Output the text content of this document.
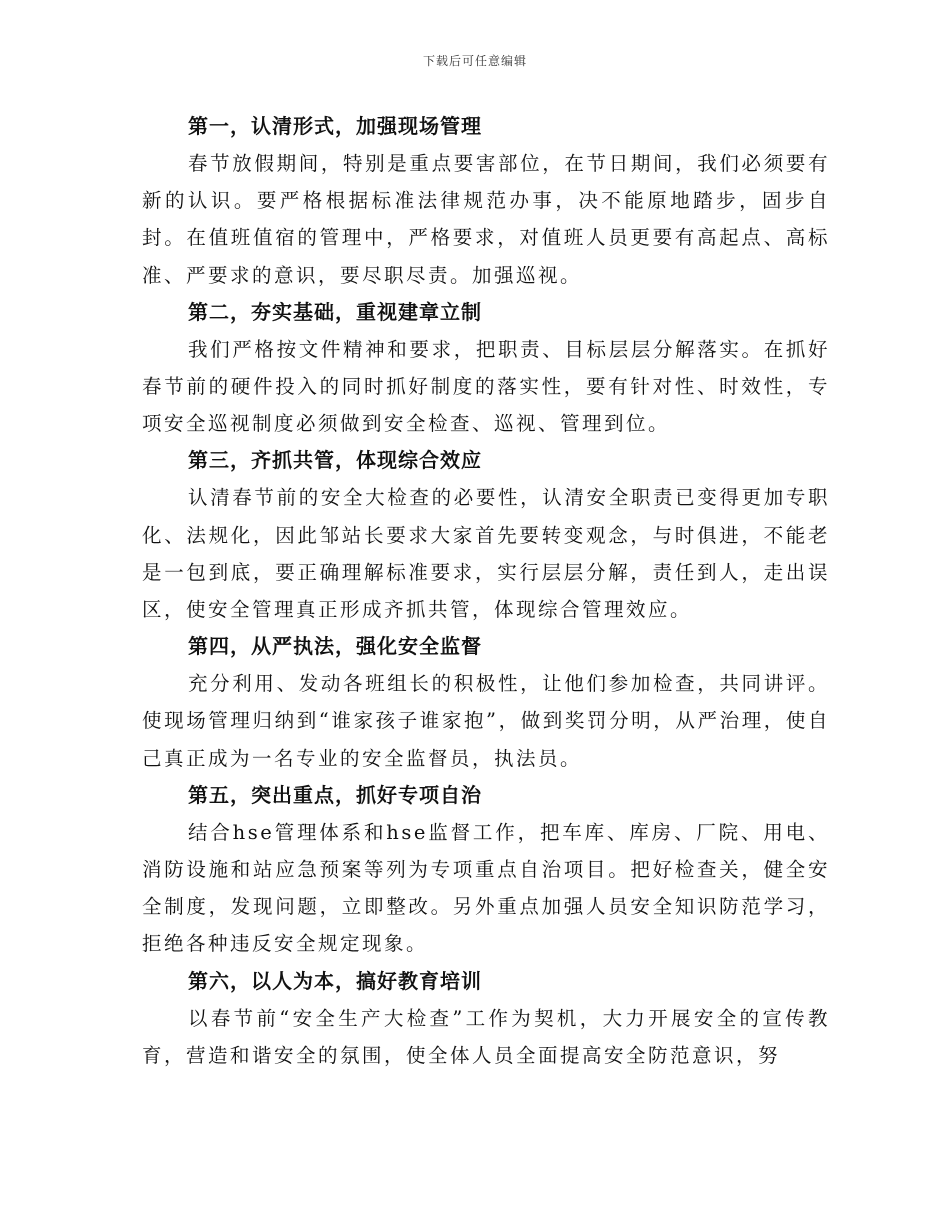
下载后可任意编辑

第一，认清形式，加强现场管理

春节放假期间，特别是重点要害部位，在节日期间，我们必须要有新的认识。要严格根据标准法律规范办事，决不能原地踏步，固步自封。在值班值宿的管理中，严格要求，对值班人员更要有高起点、高标准、严要求的意识，要尽职尽责。加强巡视。

第二，夯实基础，重视建章立制

我们严格按文件精神和要求，把职责、目标层层分解落实。在抓好春节前的硬件投入的同时抓好制度的落实性，要有针对性、时效性，专项安全巡视制度必须做到安全检查、巡视、管理到位。

第三，齐抓共管，体现综合效应

认清春节前的安全大检查的必要性，认清安全职责已变得更加专职化、法规化，因此邹站长要求大家首先要转变观念，与时俱进，不能老是一包到底，要正确理解标准要求，实行层层分解，责任到人，走出误区，使安全管理真正形成齐抓共管，体现综合管理效应。

第四，从严执法，强化安全监督

充分利用、发动各班组长的积极性，让他们参加检查，共同讲评。使现场管理归纳到“谁家孩子谁家抱”，做到奖罚分明，从严治理，使自己真正成为一名专业的安全监督员，执法员。

第五，突出重点，抓好专项自治

结合hse管理体系和hse监督工作，把车库、库房、厂院、用电、消防设施和站应急预案等列为专项重点自治项目。把好检查关，健全安全制度，发现问题，立即整改。另外重点加强人员安全知识防范学习，拒绝各种违反安全规定现象。

第六，以人为本，搞好教育培训

以春节前“安全生产大检查”工作为契机，大力开展安全的宣传教育，营造和谐安全的氛围，使全体人员全面提高安全防范意识，努
